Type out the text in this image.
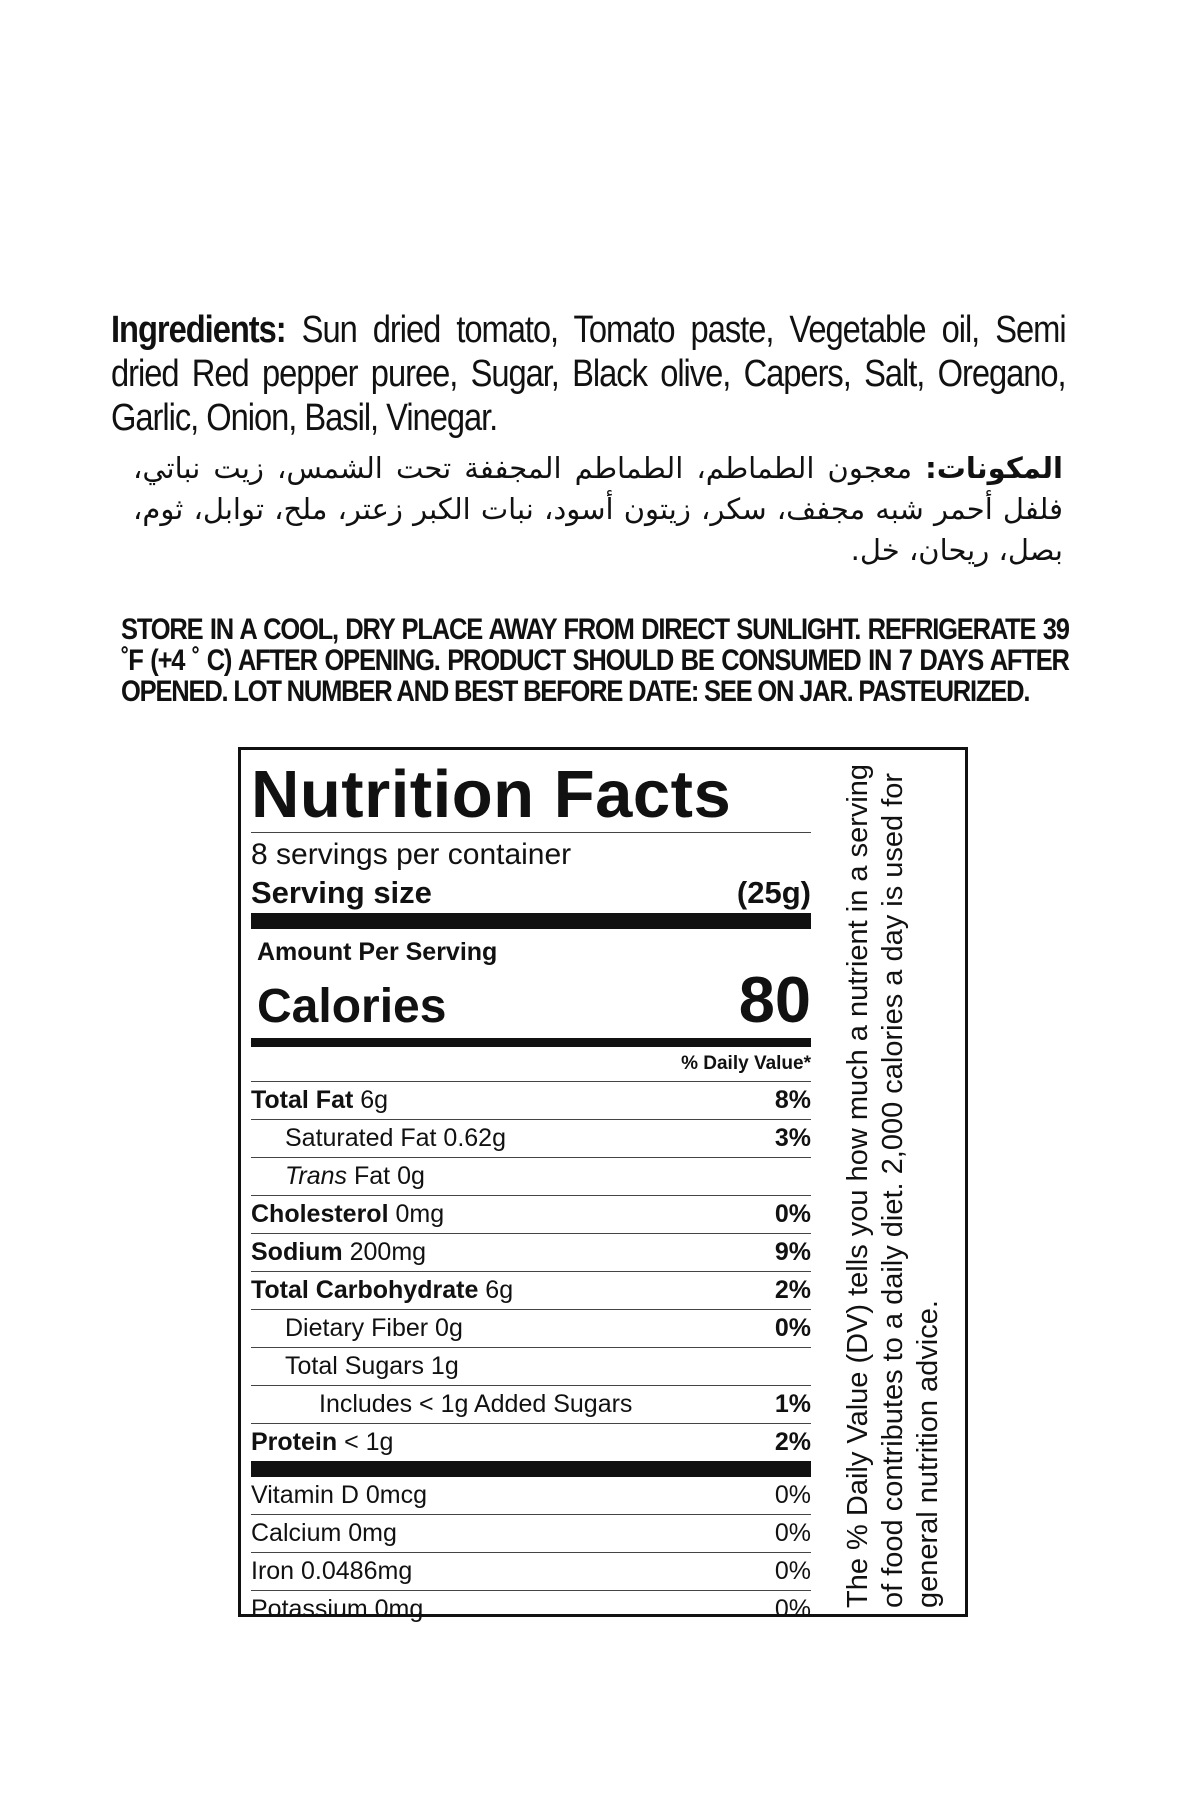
Ingredients: Sun dried tomato, Tomato paste, Vegetable oil, Semi dried Red pepper puree, Sugar, Black olive, Capers, Salt, Oregano, Garlic, Onion, Basil, Vinegar.
المكونات: معجون الطماطم، الطماطم المجففة تحت الشمس، زيت نباتي، فلفل أحمر شبه مجفف، سكر، زيتون أسود، نبات الكبر زعتر، ملح، توابل، ثوم، بصل، ريحان، خل.
STORE IN A COOL, DRY PLACE AWAY FROM DIRECT SUNLIGHT. REFRIGERATE 39 ˚F (+4 ˚ C) AFTER OPENING. PRODUCT SHOULD BE CONSUMED IN 7 DAYS AFTER OPENED. LOT NUMBER AND BEST BEFORE DATE: SEE ON JAR. PASTEURIZED.
Nutrition Facts
8 servings per container
Serving size	(25g)
Amount Per Serving
Calories	80
% Daily Value*
Total Fat 6g	8%
Saturated Fat 0.62g	3%
Trans Fat 0g
Cholesterol 0mg	0%
Sodium 200mg	9%
Total Carbohydrate 6g	2%
Dietary Fiber 0g	0%
Total Sugars 1g
Includes < 1g Added Sugars	1%
Protein < 1g	2%
Vitamin D 0mcg	0%
Calcium 0mg	0%
Iron 0.0486mg	0%
Potassium 0mg	0%
The % Daily Value (DV) tells you how much a nutrient in a serving of food contributes to a daily diet. 2,000 calories a day is used for general nutrition advice.
